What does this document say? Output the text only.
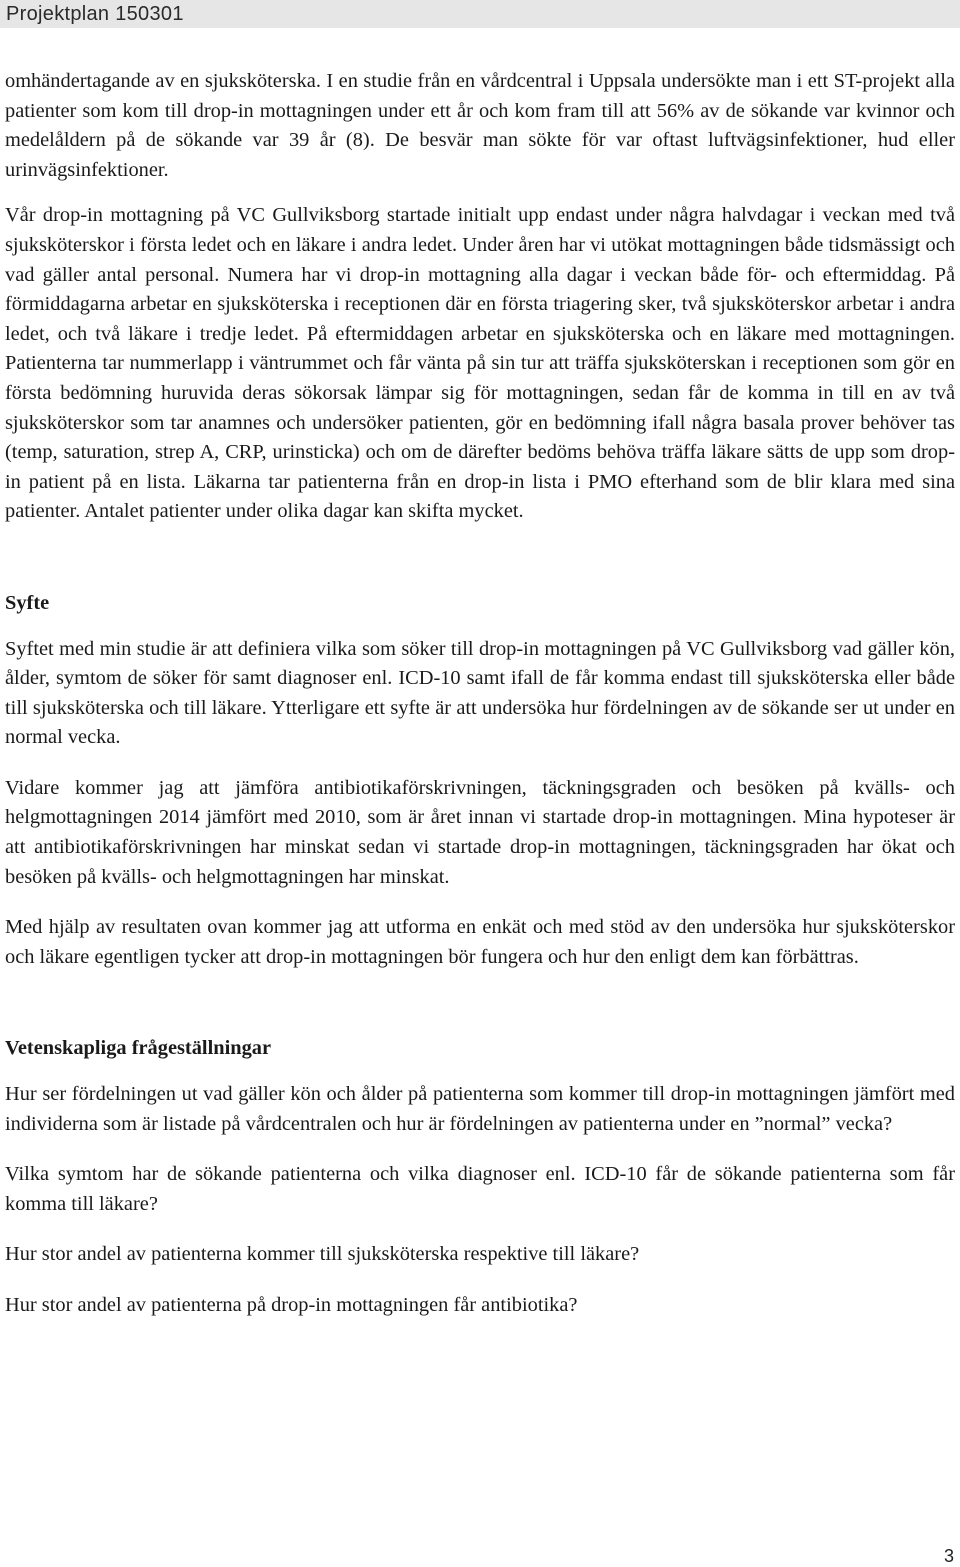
Projektplan 150301

omhändertagande av en sjuksköterska. I en studie från en vårdcentral i Uppsala undersökte man i ett ST-projekt alla patienter som kom till drop-in mottagningen under ett år och kom fram till att 56% av de sökande var kvinnor och medelåldern på de sökande var 39 år (8). De besvär man sökte för var oftast luftvägsinfektioner, hud eller urinvägsinfektioner.

Vår drop-in mottagning på VC Gullviksborg startade initialt upp endast under några halvdagar i veckan med två sjuksköterskor i första ledet och en läkare i andra ledet. Under åren har vi utökat mottagningen både tidsmässigt och vad gäller antal personal. Numera har vi drop-in mottagning alla dagar i veckan både för- och eftermiddag. På förmiddagarna arbetar en sjuksköterska i receptionen där en första triagering sker, två sjuksköterskor arbetar i andra ledet, och två läkare i tredje ledet. På eftermiddagen arbetar en sjuksköterska och en läkare med mottagningen. Patienterna tar nummerlapp i väntrummet och får vänta på sin tur att träffa sjuksköterskan i receptionen som gör en första bedömning huruvida deras sökorsak lämpar sig för mottagningen, sedan får de komma in till en av två sjuksköterskor som tar anamnes och undersöker patienten, gör en bedömning ifall några basala prover behöver tas (temp, saturation, strep A, CRP, urinsticka) och om de därefter bedöms behöva träffa läkare sätts de upp som drop-in patient på en lista. Läkarna tar patienterna från en drop-in lista i PMO efterhand som de blir klara med sina patienter. Antalet patienter under olika dagar kan skifta mycket.

Syfte

Syftet med min studie är att definiera vilka som söker till drop-in mottagningen på VC Gullviksborg vad gäller kön, ålder, symtom de söker för samt diagnoser enl. ICD-10 samt ifall de får komma endast till sjuksköterska eller både till sjuksköterska och till läkare. Ytterligare ett syfte är att undersöka hur fördelningen av de sökande ser ut under en normal vecka.

Vidare kommer jag att jämföra antibiotikaförskrivningen, täckningsgraden och besöken på kvälls- och helgmottagningen 2014 jämfört med 2010, som är året innan vi startade drop-in mottagningen. Mina hypoteser är att antibiotikaförskrivningen har minskat sedan vi startade drop-in mottagningen, täckningsgraden har ökat och besöken på kvälls- och helgmottagningen har minskat.

Med hjälp av resultaten ovan kommer jag att utforma en enkät och med stöd av den undersöka hur sjuksköterskor och läkare egentligen tycker att drop-in mottagningen bör fungera och hur den enligt dem kan förbättras.

Vetenskapliga frågeställningar

Hur ser fördelningen ut vad gäller kön och ålder på patienterna som kommer till drop-in mottagningen jämfört med individerna som är listade på vårdcentralen och hur är fördelningen av patienterna under en ”normal” vecka?

Vilka symtom har de sökande patienterna och vilka diagnoser enl. ICD-10 får de sökande patienterna som får komma till läkare?

Hur stor andel av patienterna kommer till sjuksköterska respektive till läkare?

Hur stor andel av patienterna på drop-in mottagningen får antibiotika?

3
